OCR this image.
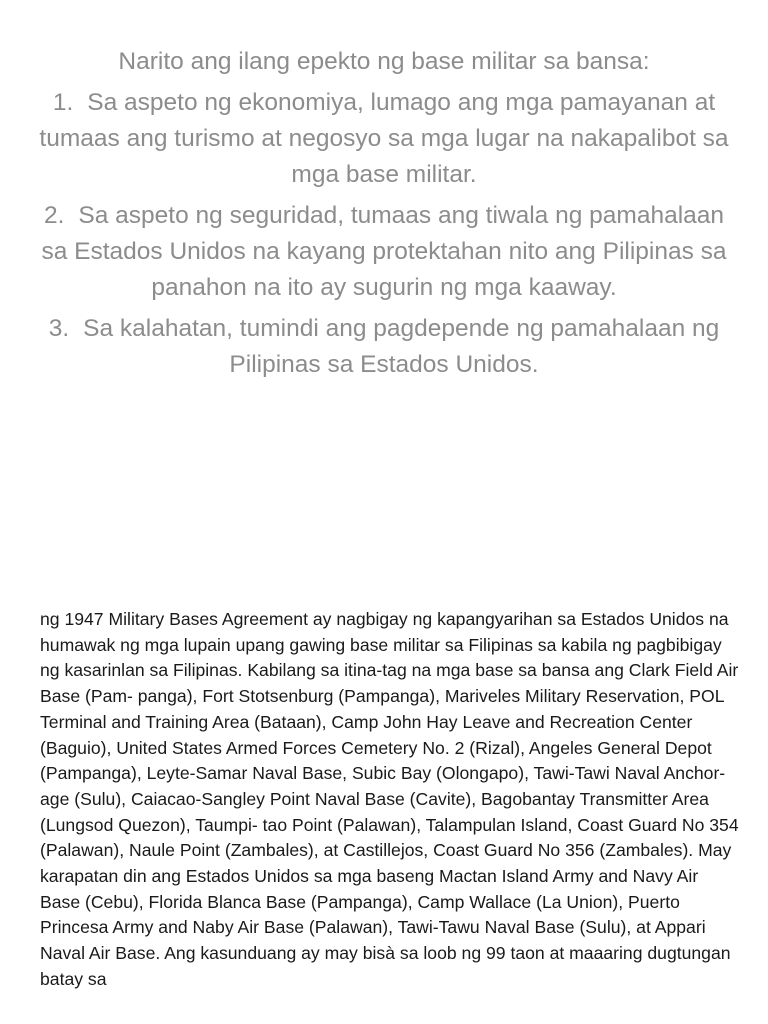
Narito ang ilang epekto ng base militar sa bansa:
1. Sa aspeto ng ekonomiya, lumago ang mga pamayanan at tumaas ang turismo at negosyo sa mga lugar na nakapalibot sa mga base militar.
2. Sa aspeto ng seguridad, tumaas ang tiwala ng pamahalaan sa Estados Unidos na kayang protektahan nito ang Pilipinas sa panahon na ito ay sugurin ng mga kaaway.
3. Sa kalahatan, tumindi ang pagdepende ng pamahalaan ng Pilipinas sa Estados Unidos.

ng 1947 Military Bases Agreement ay nagbigay ng kapangyarihan sa Estados Unidos na humawak ng mga lupain upang gawing base militar sa Filipinas sa kabila ng pagbibigay ng kasarinlan sa Filipinas. Kabilang sa itina-tag na mga base sa bansa ang Clark Field Air Base (Pam- panga), Fort Stotsenburg (Pampanga), Mariveles Military Reservation, POL Terminal and Training Area (Bataan), Camp John Hay Leave and Recreation Center (Baguio), United States Armed Forces Cemetery No. 2 (Rizal), Angeles General Depot (Pampanga), Leyte-Samar Naval Base, Subic Bay (Olongapo), Tawi-Tawi Naval Anchor- age (Sulu), Caiacao-Sangley Point Naval Base (Cavite), Bagobantay Transmitter Area (Lungsod Quezon), Taumpi- tao Point (Palawan), Talampulan Island, Coast Guard No 354 (Palawan), Naule Point (Zambales), at Castillejos, Coast Guard No 356 (Zambales). May karapatan din ang Estados Unidos sa mga baseng Mactan Island Army and Navy Air Base (Cebu), Florida Blanca Base (Pampanga), Camp Wallace (La Union), Puerto Princesa Army and Naby Air Base (Palawan), Tawi-Tawu Naval Base (Sulu), at Appari Naval Air Base. Ang kasunduang ay may bisà sa loob ng 99 taon at maaaring dugtungan batay sa
